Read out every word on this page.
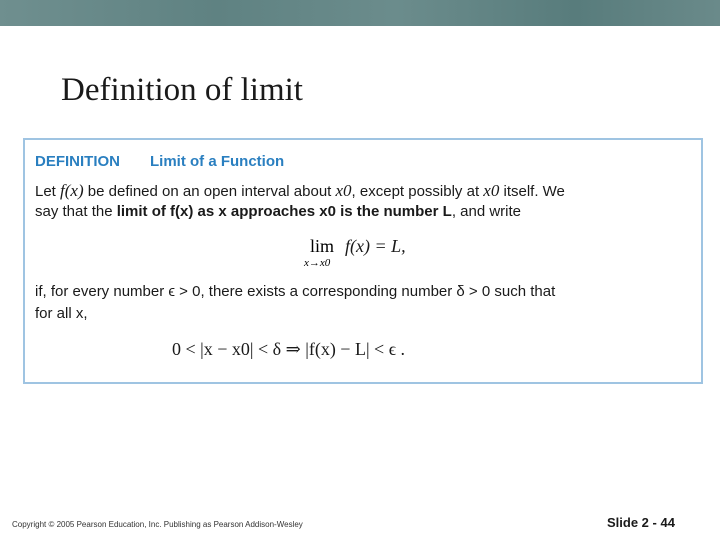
Definition of limit
DEFINITION Limit of a Function
Let f(x) be defined on an open interval about x0, except possibly at x0 itself. We
say that the limit of f(x) as x approaches x0 is the number L, and write
lim
x→x0
f(x) = L,
if, for every number ϵ > 0, there exists a corresponding number δ > 0 such that
for all x,
0 < |x − x0| < δ ⇒ |f(x) − L| < ϵ .
Copyright © 2005 Pearson Education, Inc. Publishing as Pearson Addison-Wesley	Slide 2 - 44
